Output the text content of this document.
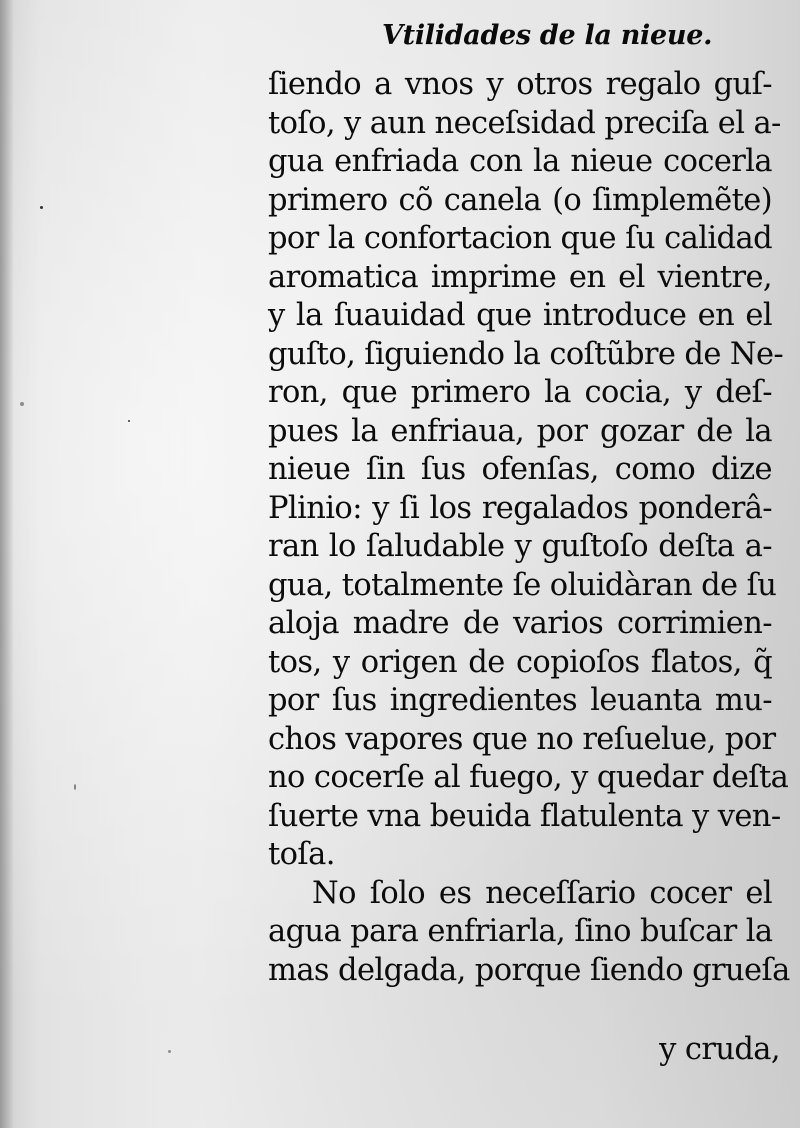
Vtilidades de la nieue.
ſiendo a vnos y otros regalo guſ-
toſo, y aun neceſsidad preciſa el a-
gua enfriada con la nieue cocerla
primero cõ canela (o ſimplemẽte)
por la confortacion que ſu calidad
aromatica imprime en el vientre,
y la ſuauidad que introduce en el
guſto, ſiguiendo la coſtũbre de Ne-
ron, que primero la cocia, y deſ-
pues la enfriaua, por gozar de la
nieue ſin ſus ofenſas, como dize
Plinio: y ſi los regalados ponderâ-
ran lo ſaludable y guſtoſo deſta a-
gua, totalmente ſe oluidàran de ſu
aloja madre de varios corrimien-
tos, y origen de copioſos flatos, q̃
por ſus ingredientes leuanta mu-
chos vapores que no reſuelue, por
no cocerſe al fuego, y quedar deſta
ſuerte vna beuida flatulenta y ven-
toſa.
No ſolo es neceſſario cocer el
agua para enfriarla, ſino buſcar la
mas delgada, porque ſiendo grueſa
y cruda,
